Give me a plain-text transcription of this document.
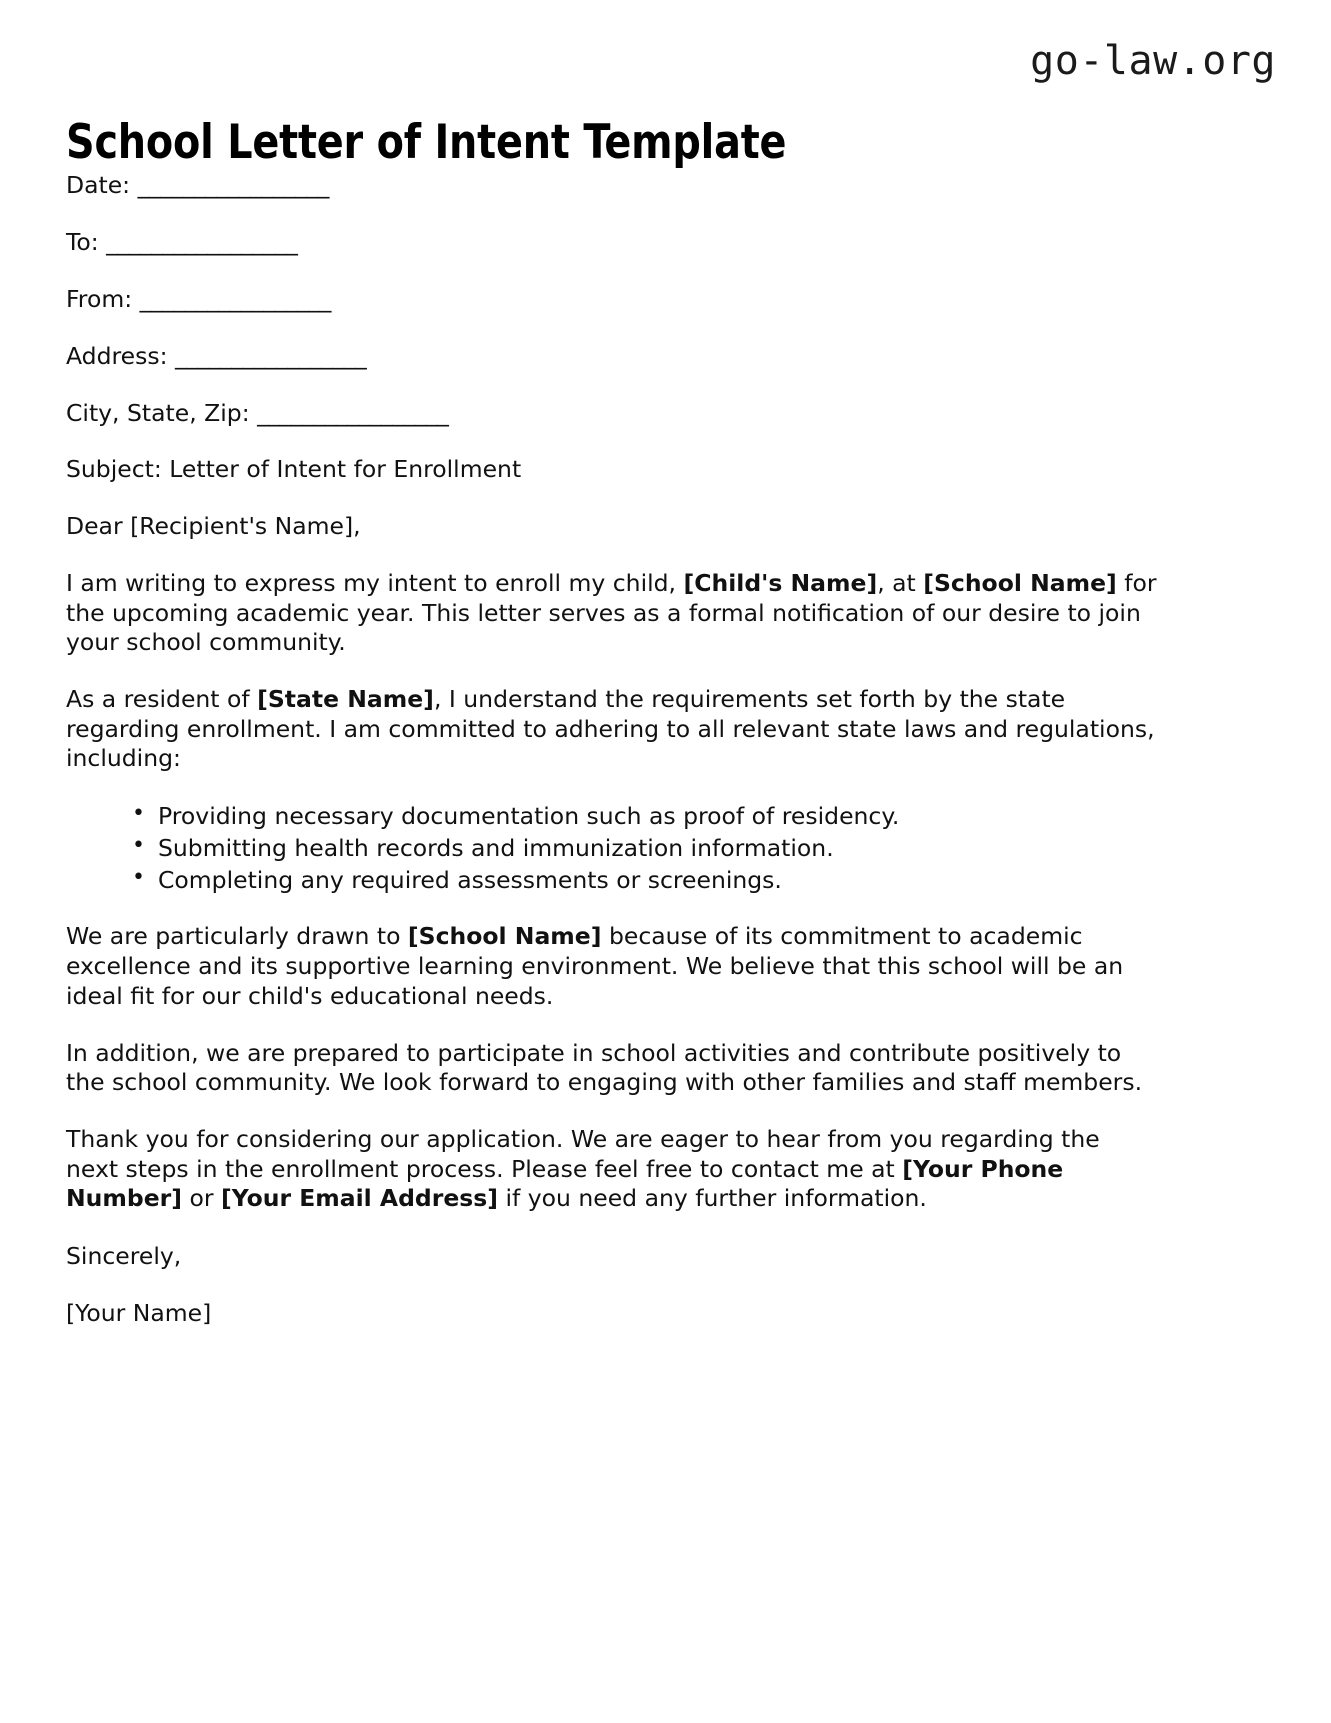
go-law.org
School Letter of Intent Template
Date: _________________
To: _________________
From: _________________
Address: _________________
City, State, Zip: _________________

Subject: Letter of Intent for Enrollment

Dear [Recipient's Name],

I am writing to express my intent to enroll my child, [Child's Name], at [School Name] for the upcoming academic year. This letter serves as a formal notification of our desire to join your school community.

As a resident of [State Name], I understand the requirements set forth by the state regarding enrollment. I am committed to adhering to all relevant state laws and regulations, including:

• Providing necessary documentation such as proof of residency.
• Submitting health records and immunization information.
• Completing any required assessments or screenings.

We are particularly drawn to [School Name] because of its commitment to academic excellence and its supportive learning environment. We believe that this school will be an ideal fit for our child's educational needs.

In addition, we are prepared to participate in school activities and contribute positively to the school community. We look forward to engaging with other families and staff members.

Thank you for considering our application. We are eager to hear from you regarding the next steps in the enrollment process. Please feel free to contact me at [Your Phone Number] or [Your Email Address] if you need any further information.

Sincerely,

[Your Name]
